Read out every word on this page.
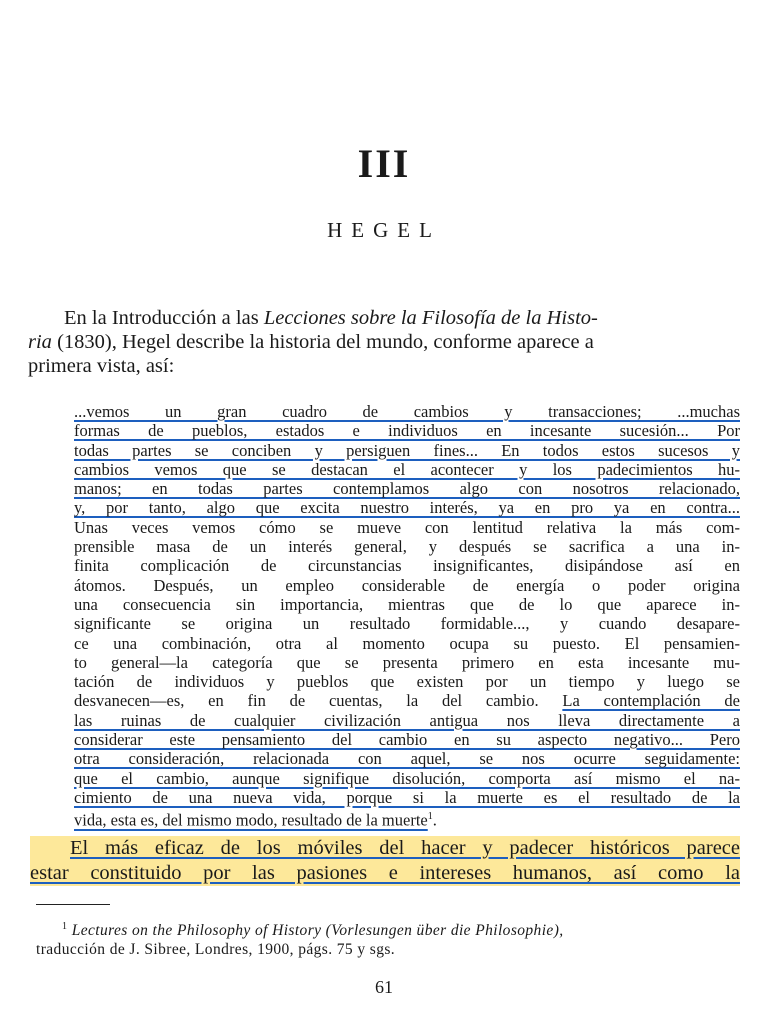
III
HEGEL

En la Introducción a las Lecciones sobre la Filosofía de la Histo-
ria (1830), Hegel describe la historia del mundo, conforme aparece a
primera vista, así:

...vemos un gran cuadro de cambios y transacciones; ...muchas
formas de pueblos, estados e individuos en incesante sucesión... Por
todas partes se conciben y persiguen fines... En todos estos sucesos y
cambios vemos que se destacan el acontecer y los padecimientos hu-
manos; en todas partes contemplamos algo con nosotros relacionado,
y, por tanto, algo que excita nuestro interés, ya en pro ya en contra...
Unas veces vemos cómo se mueve con lentitud relativa la más com-
prensible masa de un interés general, y después se sacrifica a una in-
finita complicación de circunstancias insignificantes, disipándose así en
átomos. Después, un empleo considerable de energía o poder origina
una consecuencia sin importancia, mientras que de lo que aparece in-
significante se origina un resultado formidable..., y cuando desapare-
ce una combinación, otra al momento ocupa su puesto. El pensamien-
to general—la categoría que se presenta primero en esta incesante mu-
tación de individuos y pueblos que existen por un tiempo y luego se
desvanecen—es, en fin de cuentas, la del cambio. La contemplación de
las ruinas de cualquier civilización antigua nos lleva directamente a
considerar este pensamiento del cambio en su aspecto negativo... Pero
otra consideración, relacionada con aquel, se nos ocurre seguidamente:
que el cambio, aunque signifique disolución, comporta así mismo el na-
cimiento de una nueva vida, porque si la muerte es el resultado de la
vida, esta es, del mismo modo, resultado de la muerte$^1$.

El más eficaz de los móviles del hacer y padecer históricos parece
estar constituido por las pasiones e intereses humanos, así como la
$^1$ Lectures on the Philosophy of History (Vorlesungen über die Philosophie),
traducción de J. Sibree, Londres, 1900, págs. 75 y sgs.
61
